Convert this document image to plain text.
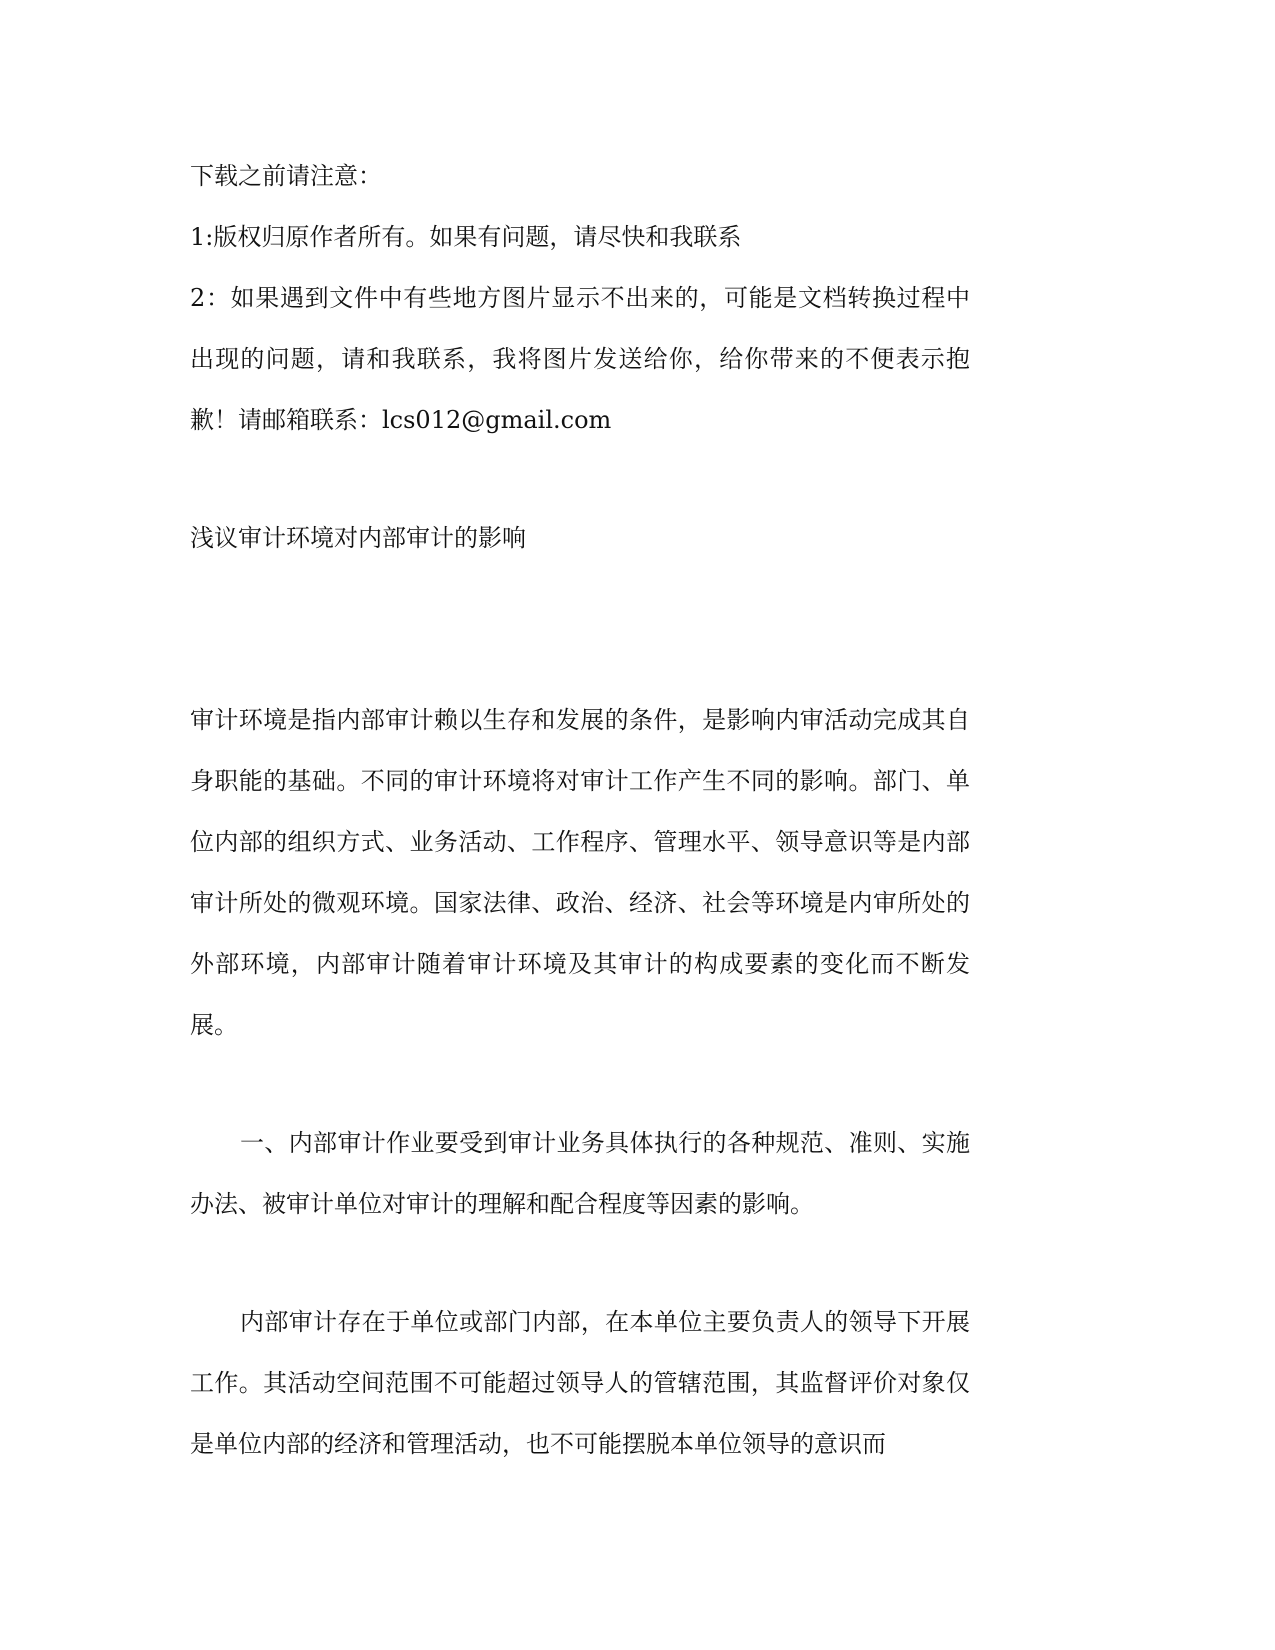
下载之前请注意：
1:版权归原作者所有。如果有问题，请尽快和我联系

2：如果遇到文件中有些地方图片显示不出来的，可能是文档转换过程中出现的问题，请和我联系，我将图片发送给你，给你带来的不便表示抱歉！请邮箱联系：lcs012@gmail.com

浅议审计环境对内部审计的影响

审计环境是指内部审计赖以生存和发展的条件，是影响内审活动完成其自身职能的基础。不同的审计环境将对审计工作产生不同的影响。部门、单位内部的组织方式、业务活动、工作程序、管理水平、领导意识等是内部审计所处的微观环境。国家法律、政治、经济、社会等环境是内审所处的外部环境，内部审计随着审计环境及其审计的构成要素的变化而不断发展。

一、内部审计作业要受到审计业务具体执行的各种规范、准则、实施办法、被审计单位对审计的理解和配合程度等因素的影响。

内部审计存在于单位或部门内部，在本单位主要负责人的领导下开展工作。其活动空间范围不可能超过领导人的管辖范围，其监督评价对象仅是单位内部的经济和管理活动，也不可能摆脱本单位领导的意识而
